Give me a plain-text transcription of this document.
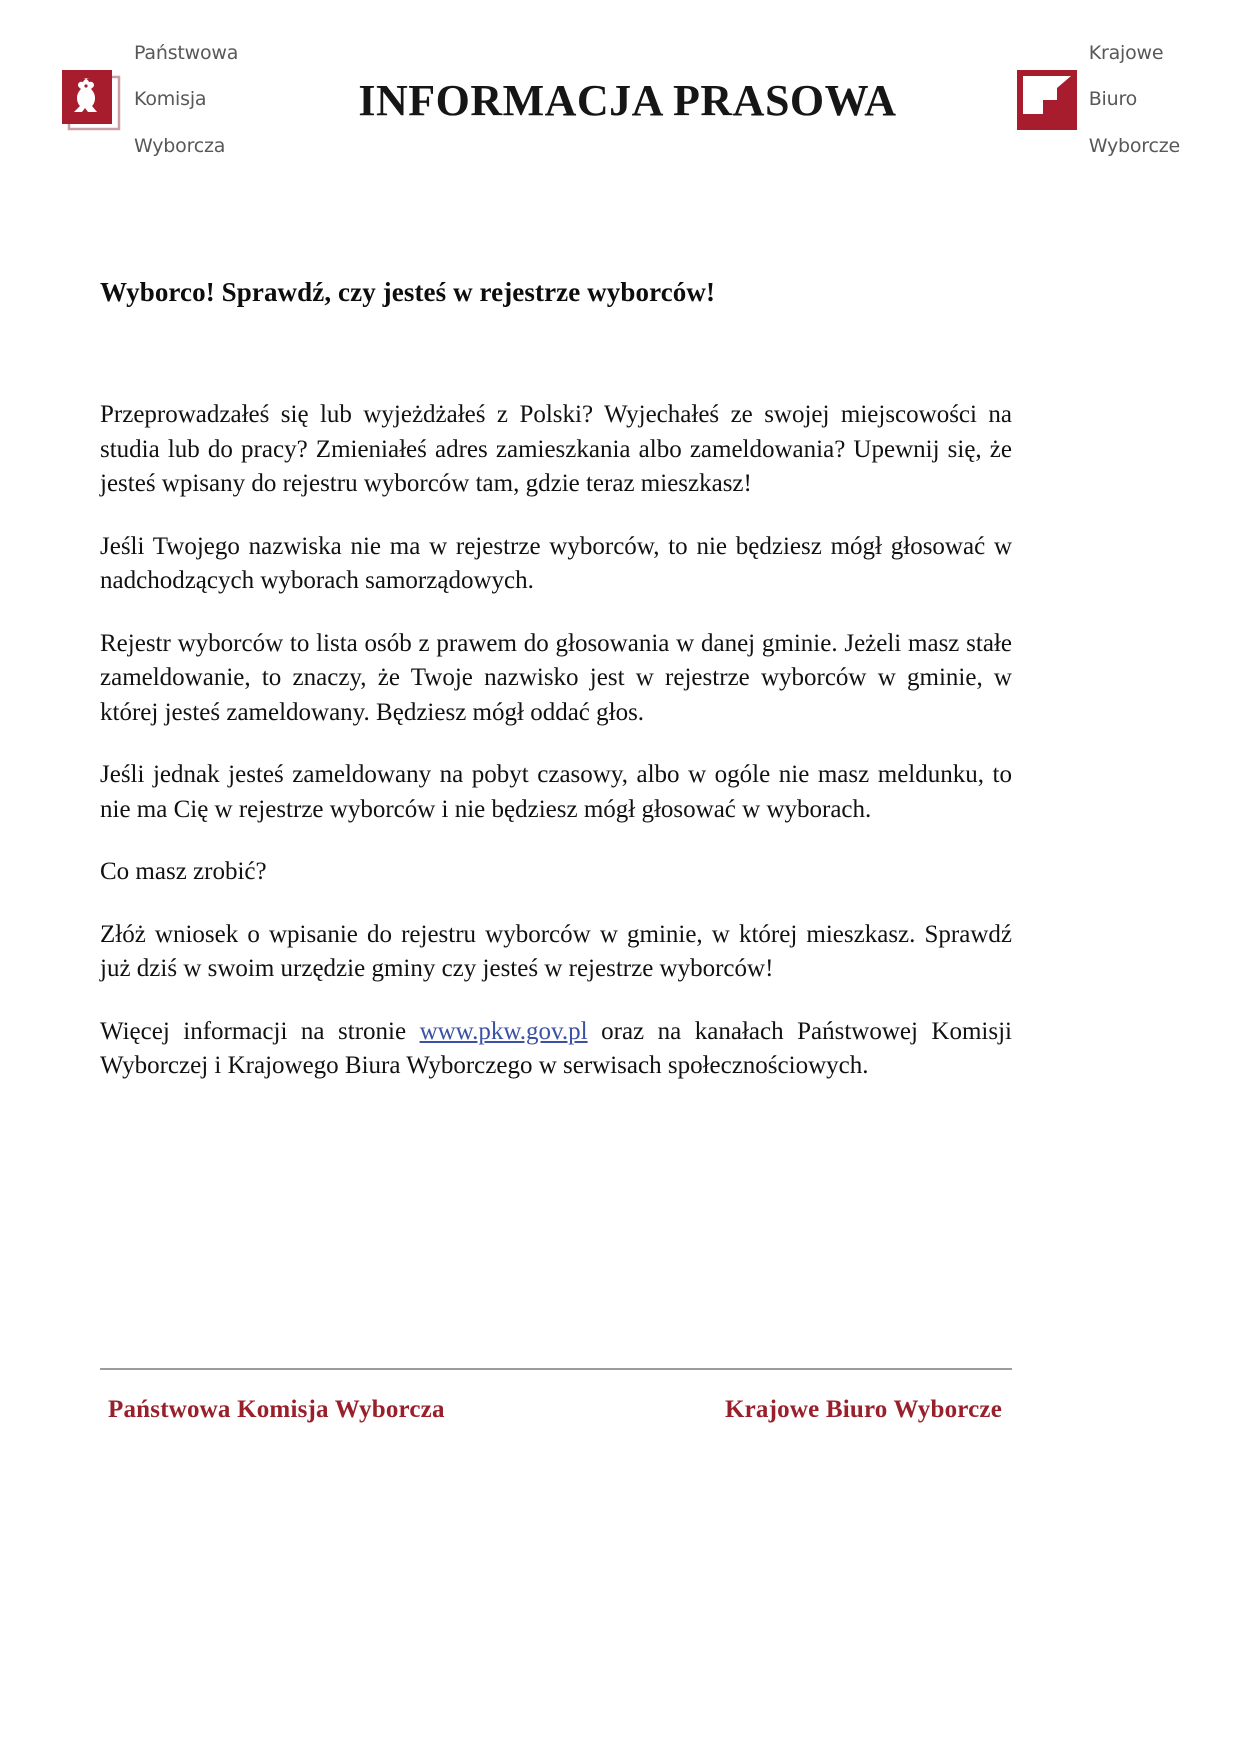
Państwowa

Komisja

Wyborcza

INFORMACJA PRASOWA

Krajowe

Biuro

Wyborcze

Wyborco! Sprawdź, czy jesteś w rejestrze wyborców!

Przeprowadzałeś się lub wyjeżdżałeś z Polski? Wyjechałeś ze swojej miejscowości na studia lub do pracy? Zmieniałeś adres zamieszkania albo zameldowania? Upewnij się, że jesteś wpisany do rejestru wyborców tam, gdzie teraz mieszkasz!

Jeśli Twojego nazwiska nie ma w rejestrze wyborców, to nie będziesz mógł głosować w nadchodzących wyborach samorządowych.

Rejestr wyborców to lista osób z prawem do głosowania w danej gminie. Jeżeli masz stałe zameldowanie, to znaczy, że Twoje nazwisko jest w rejestrze wyborców w gminie, w której jesteś zameldowany. Będziesz mógł oddać głos.

Jeśli jednak jesteś zameldowany na pobyt czasowy, albo w ogóle nie masz meldunku, to nie ma Cię w rejestrze wyborców i nie będziesz mógł głosować w wyborach.

Co masz zrobić?

Złóż wniosek o wpisanie do rejestru wyborców w gminie, w której mieszkasz. Sprawdź już dziś w swoim urzędzie gminy czy jesteś w rejestrze wyborców!

Więcej informacji na stronie www.pkw.gov.pl oraz na kanałach Państwowej Komisji Wyborczej i Krajowego Biura Wyborczego w serwisach społecznościowych.

Państwowa Komisja Wyborcza	Krajowe Biuro Wyborcze
